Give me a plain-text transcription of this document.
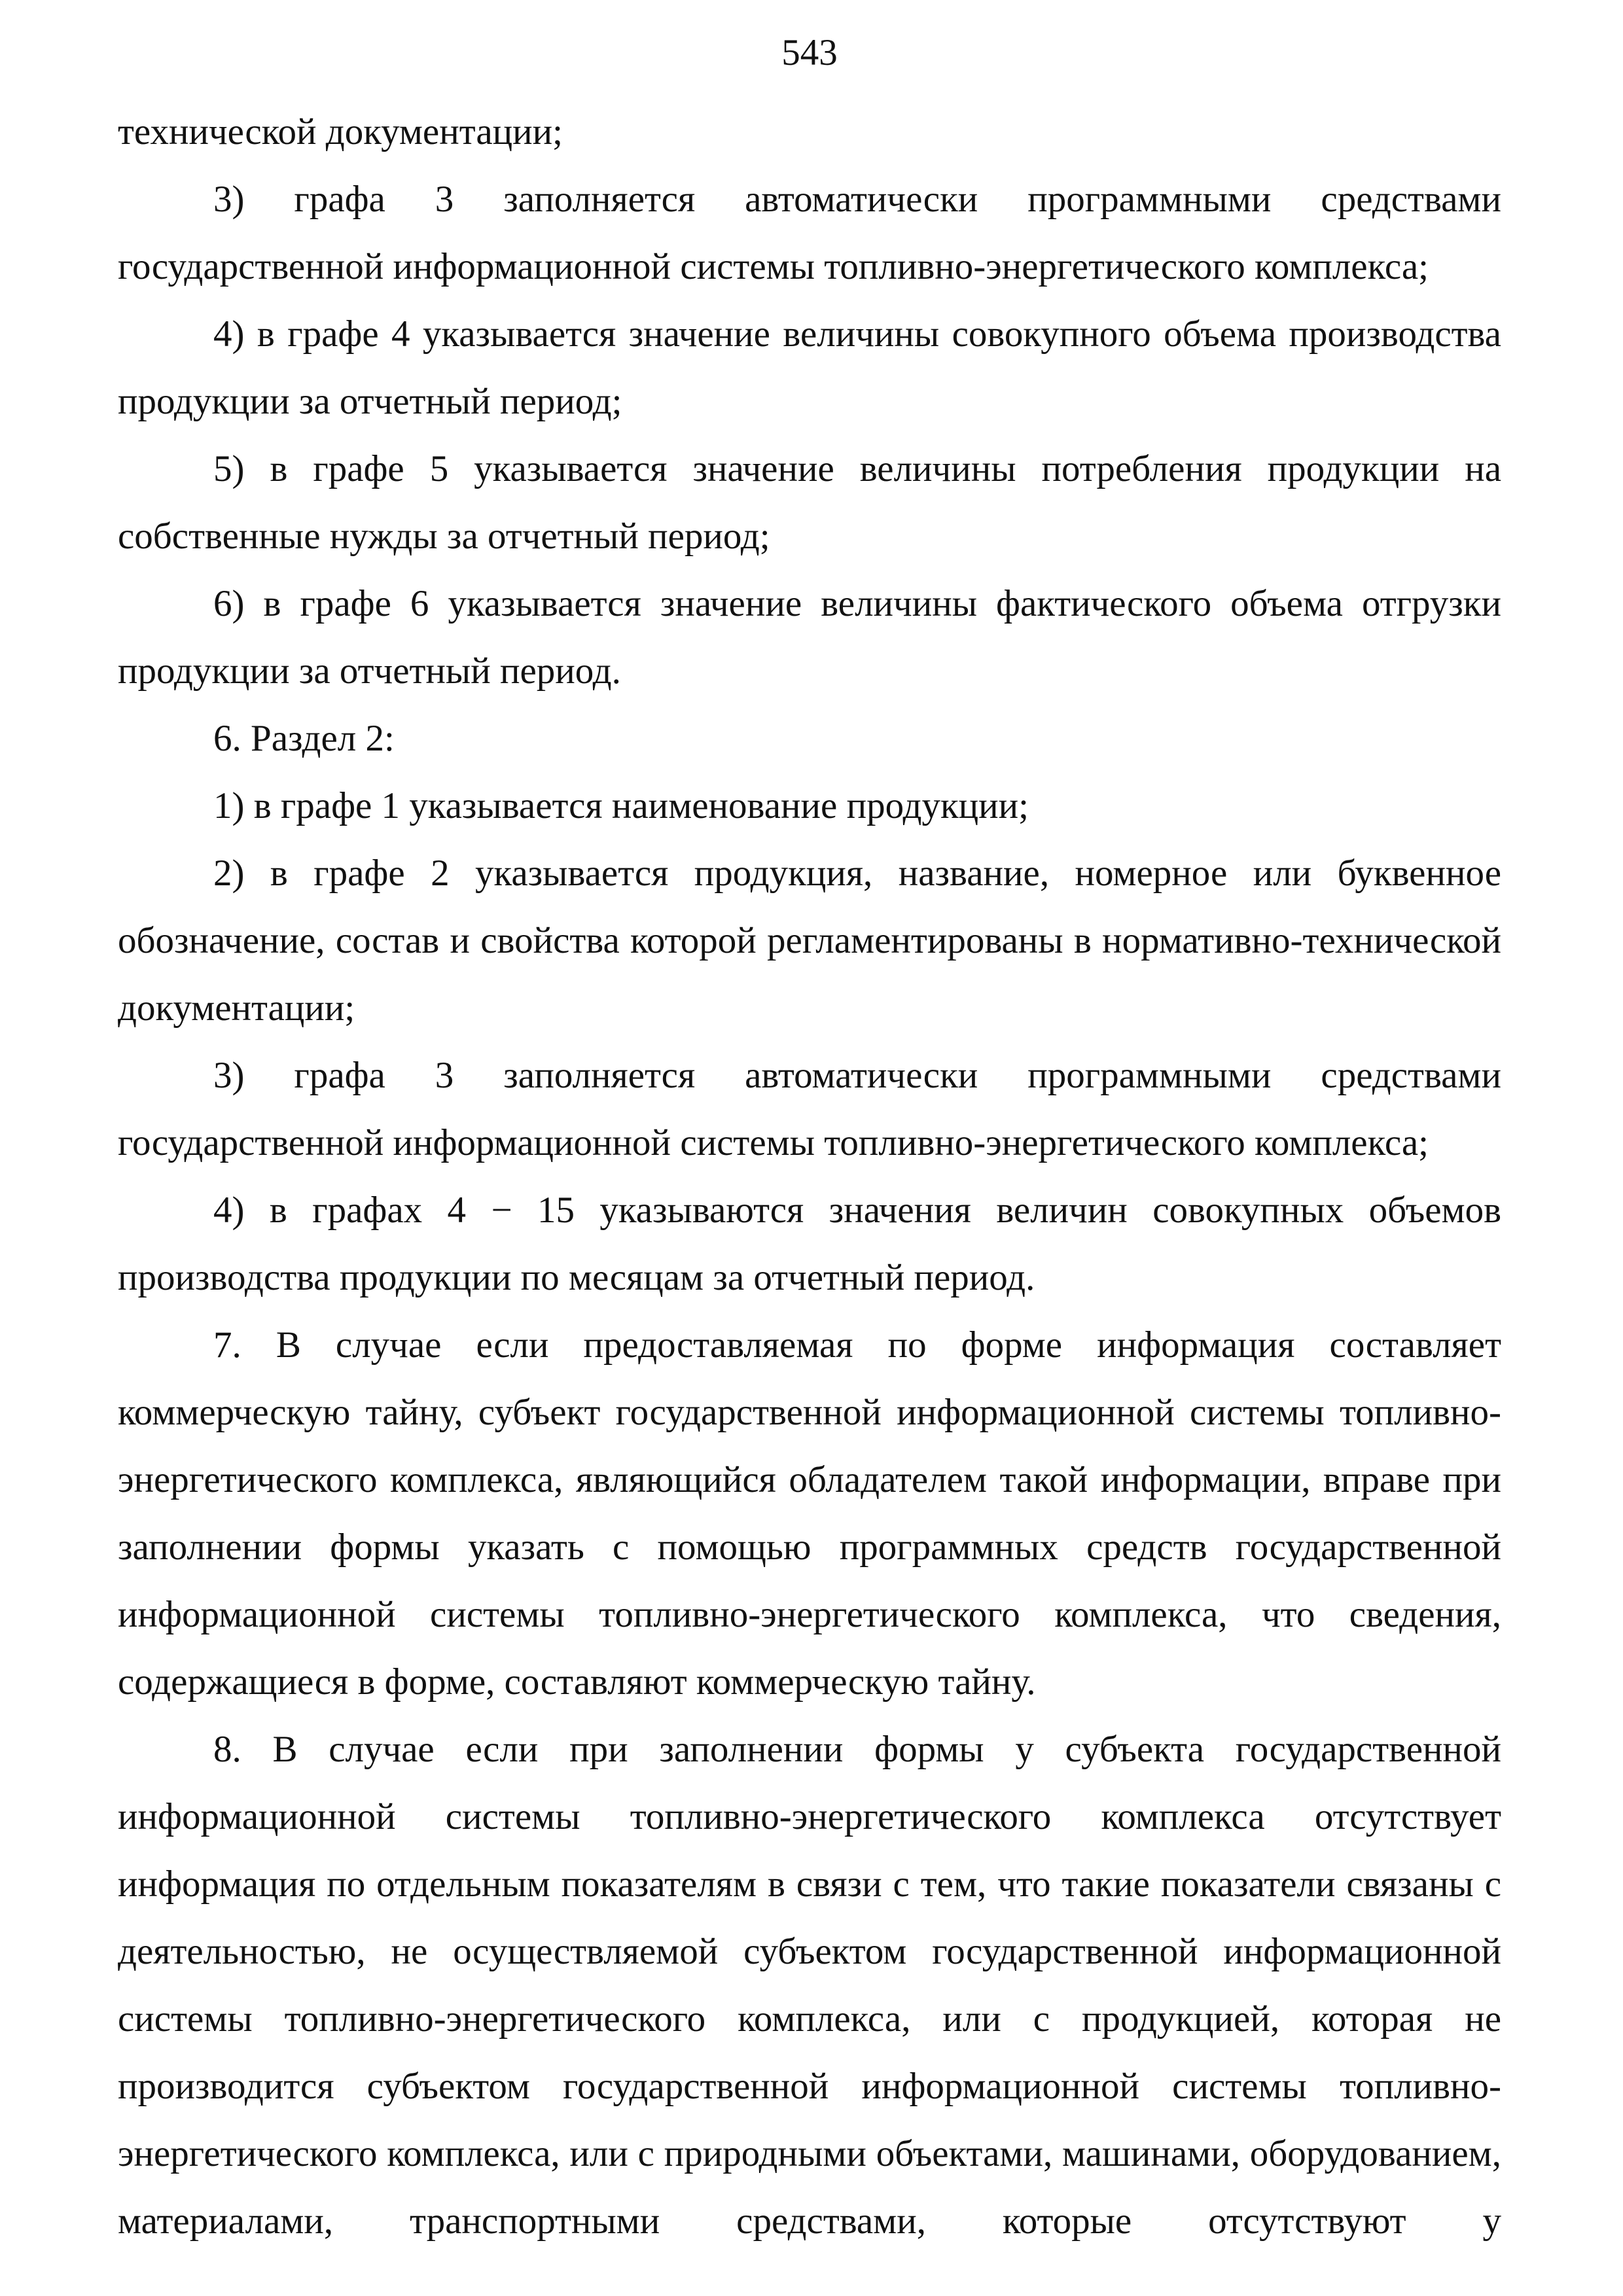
543

технической документации;

3) графа 3 заполняется автоматически программными средствами государственной информационной системы топливно-энергетического комплекса;

4) в графе 4 указывается значение величины совокупного объема производства продукции за отчетный период;

5) в графе 5 указывается значение величины потребления продукции на собственные нужды за отчетный период;

6) в графе 6 указывается значение величины фактического объема отгрузки продукции за отчетный период.

6. Раздел 2:

1) в графе 1 указывается наименование продукции;

2) в графе 2 указывается продукция, название, номерное или буквенное обозначение, состав и свойства которой регламентированы в нормативно-технической документации;

3) графа 3 заполняется автоматически программными средствами государственной информационной системы топливно-энергетического комплекса;

4) в графах 4 − 15 указываются значения величин совокупных объемов производства продукции по месяцам за отчетный период.

7. В случае если предоставляемая по форме информация составляет коммерческую тайну, субъект государственной информационной системы топливно-энергетического комплекса, являющийся обладателем такой информации, вправе при заполнении формы указать с помощью программных средств государственной информационной системы топливно-энергетического комплекса, что сведения, содержащиеся в форме, составляют коммерческую тайну.

8. В случае если при заполнении формы у субъекта государственной информационной системы топливно-энергетического комплекса отсутствует информация по отдельным показателям в связи с тем, что такие показатели связаны с деятельностью, не осуществляемой субъектом государственной информационной системы топливно-энергетического комплекса, или с продукцией, которая не производится субъектом государственной информационной системы топливно-энергетического комплекса, или с природными объектами, машинами, оборудованием, материалами, транспортными средствами, которые отсутствуют у
